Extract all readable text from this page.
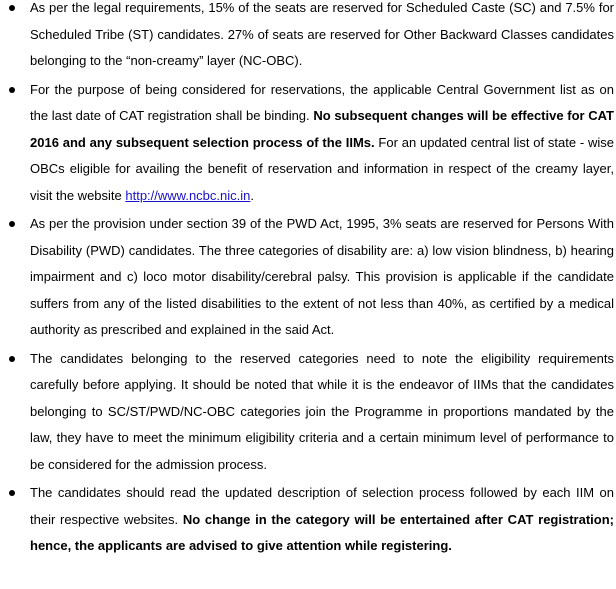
As per the legal requirements, 15% of the seats are reserved for Scheduled Caste (SC) and 7.5% for Scheduled Tribe (ST) candidates. 27% of seats are reserved for Other Backward Classes candidates belonging to the “non-creamy” layer (NC-OBC).
For the purpose of being considered for reservations, the applicable Central Government list as on the last date of CAT registration shall be binding. No subsequent changes will be effective for CAT 2016 and any subsequent selection process of the IIMs. For an updated central list of state - wise OBCs eligible for availing the benefit of reservation and information in respect of the creamy layer, visit the website http://www.ncbc.nic.in.
As per the provision under section 39 of the PWD Act, 1995, 3% seats are reserved for Persons With Disability (PWD) candidates. The three categories of disability are: a) low vision blindness, b) hearing impairment and c) loco motor disability/cerebral palsy. This provision is applicable if the candidate suffers from any of the listed disabilities to the extent of not less than 40%, as certified by a medical authority as prescribed and explained in the said Act.
The candidates belonging to the reserved categories need to note the eligibility requirements carefully before applying. It should be noted that while it is the endeavor of IIMs that the candidates belonging to SC/ST/PWD/NC-OBC categories join the Programme in proportions mandated by the law, they have to meet the minimum eligibility criteria and a certain minimum level of performance to be considered for the admission process.
The candidates should read the updated description of selection process followed by each IIM on their respective websites. No change in the category will be entertained after CAT registration; hence, the applicants are advised to give attention while registering.
